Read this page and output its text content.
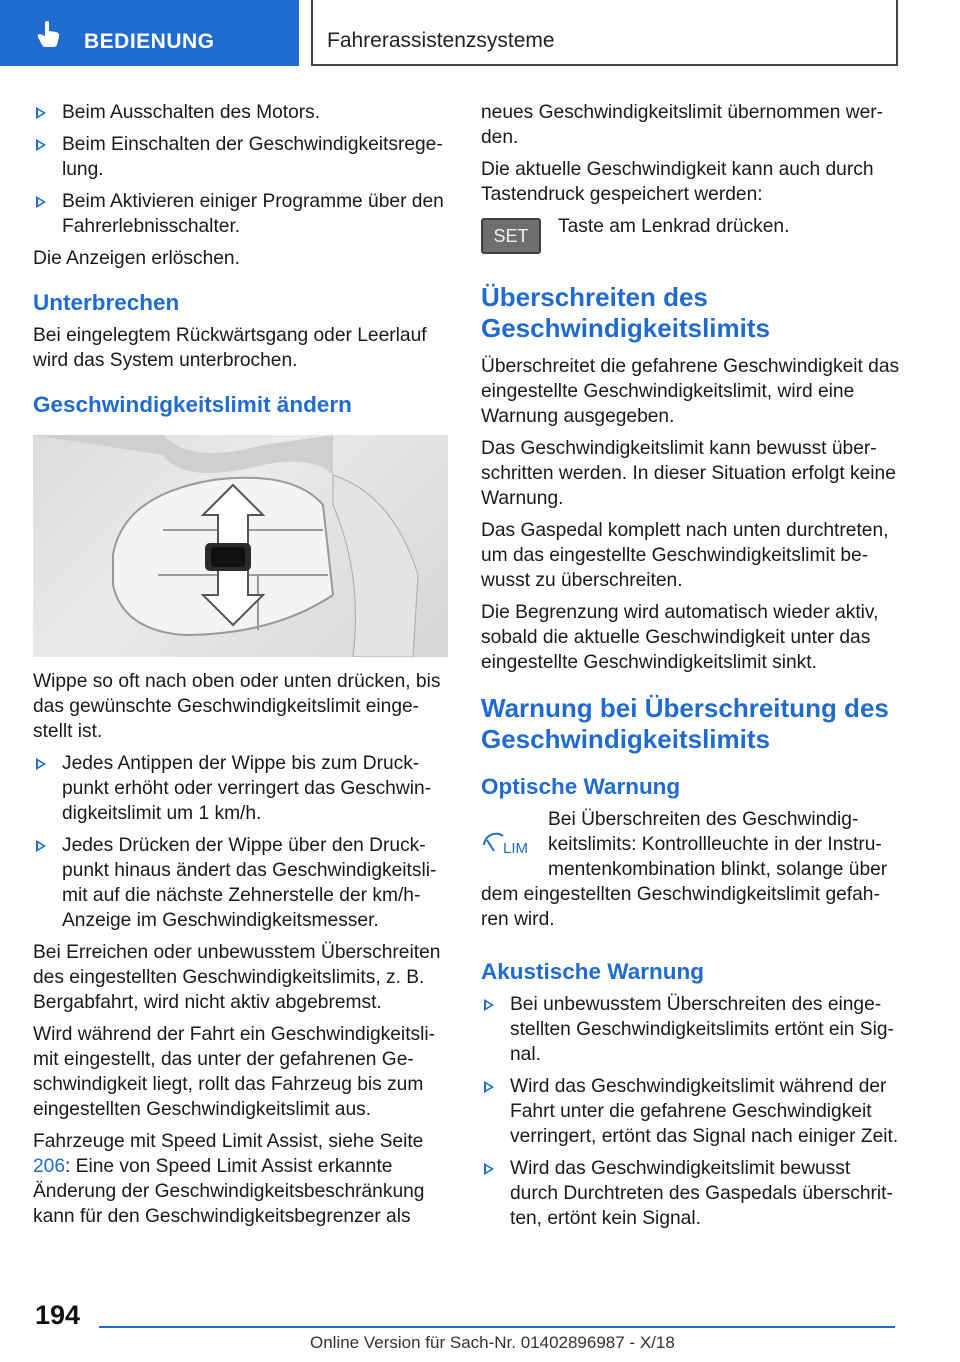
BEDIENUNG	Fahrerassistenzsysteme
Beim Ausschalten des Motors.
Beim Einschalten der Geschwindigkeitsrege-lung.
Beim Aktivieren einiger Programme über den Fahrerlebnisschalter.

Die Anzeigen erlöschen.

Unterbrechen

Bei eingelegtem Rückwärtsgang oder Leerlauf wird das System unterbrochen.

Geschwindigkeitslimit ändern

Wippe so oft nach oben oder unten drücken, bis das gewünschte Geschwindigkeitslimit einge-stellt ist.

Jedes Antippen der Wippe bis zum Druck-punkt erhöht oder verringert das Geschwin-digkeitslimit um 1 km/h.
Jedes Drücken der Wippe über den Druck-punkt hinaus ändert das Geschwindigkeitsli-mit auf die nächste Zehnerstelle der km/h-Anzeige im Geschwindigkeitsmesser.

Bei Erreichen oder unbewusstem Überschreiten des eingestellten Geschwindigkeitslimits, z. B. Bergabfahrt, wird nicht aktiv abgebremst.

Wird während der Fahrt ein Geschwindigkeitsli-mit eingestellt, das unter der gefahrenen Ge-schwindigkeit liegt, rollt das Fahrzeug bis zum eingestellten Geschwindigkeitslimit aus.

Fahrzeuge mit Speed Limit Assist, siehe Seite 206: Eine von Speed Limit Assist erkannte Änderung der Geschwindigkeitsbeschränkung kann für den Geschwindigkeitsbegrenzer als

neues Geschwindigkeitslimit übernommen wer-den.

Die aktuelle Geschwindigkeit kann auch durch Tastendruck gespeichert werden:

SET	Taste am Lenkrad drücken.
Überschreiten des Geschwindigkeitslimits

Überschreitet die gefahrene Geschwindigkeit das eingestellte Geschwindigkeitslimit, wird eine Warnung ausgegeben.

Das Geschwindigkeitslimit kann bewusst über-schritten werden. In dieser Situation erfolgt keine Warnung.

Das Gaspedal komplett nach unten durchtreten, um das eingestellte Geschwindigkeitslimit be-wusst zu überschreiten.

Die Begrenzung wird automatisch wieder aktiv, sobald die aktuelle Geschwindigkeit unter das eingestellte Geschwindigkeitslimit sinkt.

Warnung bei Überschreitung des Geschwindigkeitslimits
Optische Warnung
LIM
Bei Überschreiten des Geschwindig-keitslimits: Kontrollleuchte in der Instru-mentenkombination blinkt, solange über
dem eingestellten Geschwindigkeitslimit gefah-ren wird.
Akustische Warnung
Bei unbewusstem Überschreiten des einge-stellten Geschwindigkeitslimits ertönt ein Sig-nal.
Wird das Geschwindigkeitslimit während der Fahrt unter die gefahrene Geschwindigkeit verringert, ertönt das Signal nach einiger Zeit.
Wird das Geschwindigkeitslimit bewusst durch Durchtreten des Gaspedals überschrit-ten, ertönt kein Signal.
194
Online Version für Sach-Nr. 01402896987 - X/18
